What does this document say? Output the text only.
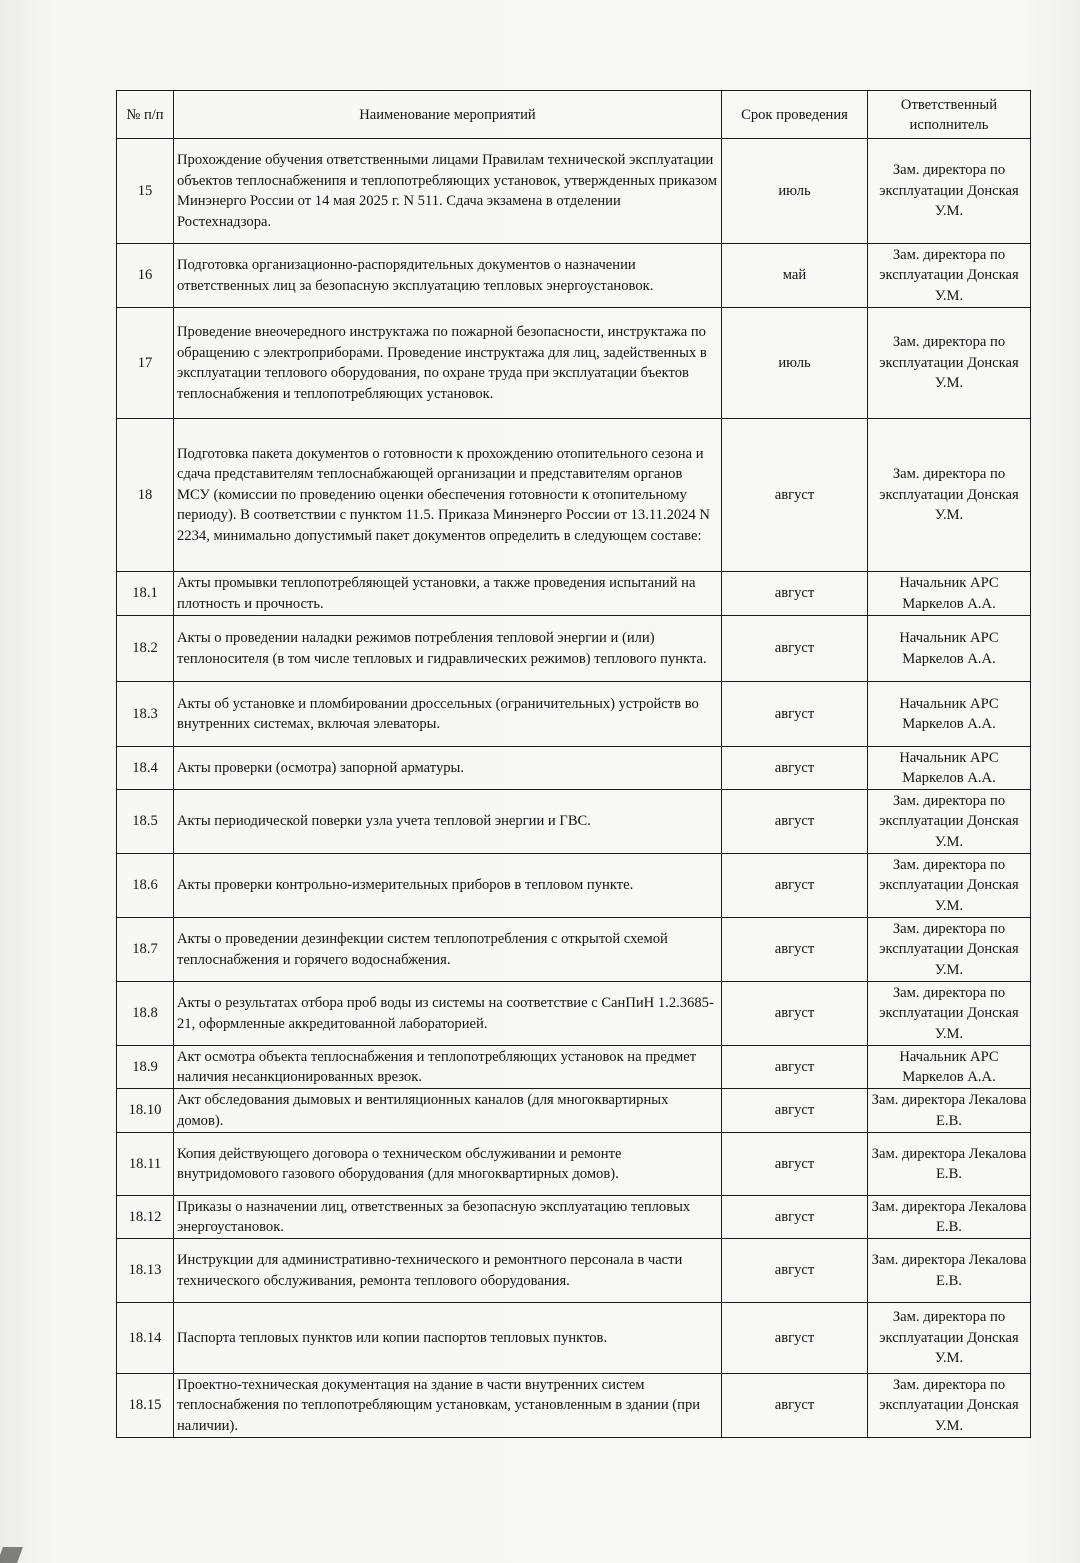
№ п/п	Наименование мероприятий	Срок проведения	Ответственный исполнитель
15	Прохождение обучения ответственными лицами Правилам технической эксплуатации объектов теплоснабженипя и теплопотребляющих установок, утвержденных приказом Минэнерго России от 14 мая 2025 г. N 511. Сдача экзамена в отделении Ростехнадзора.	июль	Зам. директора по эксплуатации Донская У.М.
16	Подготовка организационно-распорядительных документов о назначении ответственных лиц за безопасную эксплуатацию тепловых энергоустановок.	май	Зам. директора по эксплуатации Донская У.М.
17	Проведение внеочередного инструктажа по пожарной безопасности, инструктажа по обращению с электроприборами. Проведение инструктажа для лиц, задейственных в эксплуатации теплового оборудования, по охране труда при эксплуатации бъектов теплоснабжения и теплопотребляющих установок.	июль	Зам. директора по эксплуатации Донская У.М.
18	Подготовка пакета документов о готовности к прохождению отопительного сезона и сдача представителям теплоснабжающей организации и представителям органов МСУ (комиссии по проведению оценки обеспечения готовности к отопительному периоду). В соответствии с пунктом 11.5. Приказа Минэнерго России от 13.11.2024 N 2234, минимально допустимый пакет документов определить в следующем составе:	август	Зам. директора по эксплуатации Донская У.М.
18.1	Акты промывки теплопотребляющей установки, а также проведения испытаний на плотность и прочность.	август	Начальник АРС Маркелов А.А.
18.2	Акты о проведении наладки режимов потребления тепловой энергии и (или) теплоносителя (в том числе тепловых и гидравлических режимов) теплового пункта.	август	Начальник АРС Маркелов А.А.
18.3	Акты об установке и пломбировании дроссельных (ограничительных) устройств во внутренних системах, включая элеваторы.	август	Начальник АРС Маркелов А.А.
18.4	Акты проверки (осмотра) запорной арматуры.	август	Начальник АРС Маркелов А.А.
18.5	Акты периодической поверки узла учета тепловой энергии и ГВС.	август	Зам. директора по эксплуатации Донская У.М.
18.6	Акты проверки контрольно-измерительных приборов в тепловом пункте.	август	Зам. директора по эксплуатации Донская У.М.
18.7	Акты о проведении дезинфекции систем теплопотребления с открытой схемой теплоснабжения и горячего водоснабжения.	август	Зам. директора по эксплуатации Донская У.М.
18.8	Акты о результатах отбора проб воды из системы на соответствие с СанПиН 1.2.3685-21, оформленные аккредитованной лабораторией.	август	Зам. директора по эксплуатации Донская У.М.
18.9	Акт осмотра объекта теплоснабжения и теплопотребляющих установок на предмет наличия несанкционированных врезок.	август	Начальник АРС Маркелов А.А.
18.10	Акт обследования дымовых и вентиляционных каналов (для многоквартирных домов).	август	Зам. директора Лекалова Е.В.
18.11	Копия действующего договора о техническом обслуживании и ремонте внутридомового газового оборудования (для многоквартирных домов).	август	Зам. директора Лекалова Е.В.
18.12	Приказы о назначении лиц, ответственных за безопасную эксплуатацию тепловых энергоустановок.	август	Зам. директора Лекалова Е.В.
18.13	Инструкции для административно-технического и ремонтного персонала в части технического обслуживания, ремонта теплового оборудования.	август	Зам. директора Лекалова Е.В.
18.14	Паспорта тепловых пунктов или копии паспортов тепловых пунктов.	август	Зам. директора по эксплуатации Донская У.М.
18.15	Проектно-техническая документация на здание в части внутренних систем теплоснабжения по теплопотребляющим установкам, установленным в здании (при наличии).	август	Зам. директора по эксплуатации Донская У.М.
